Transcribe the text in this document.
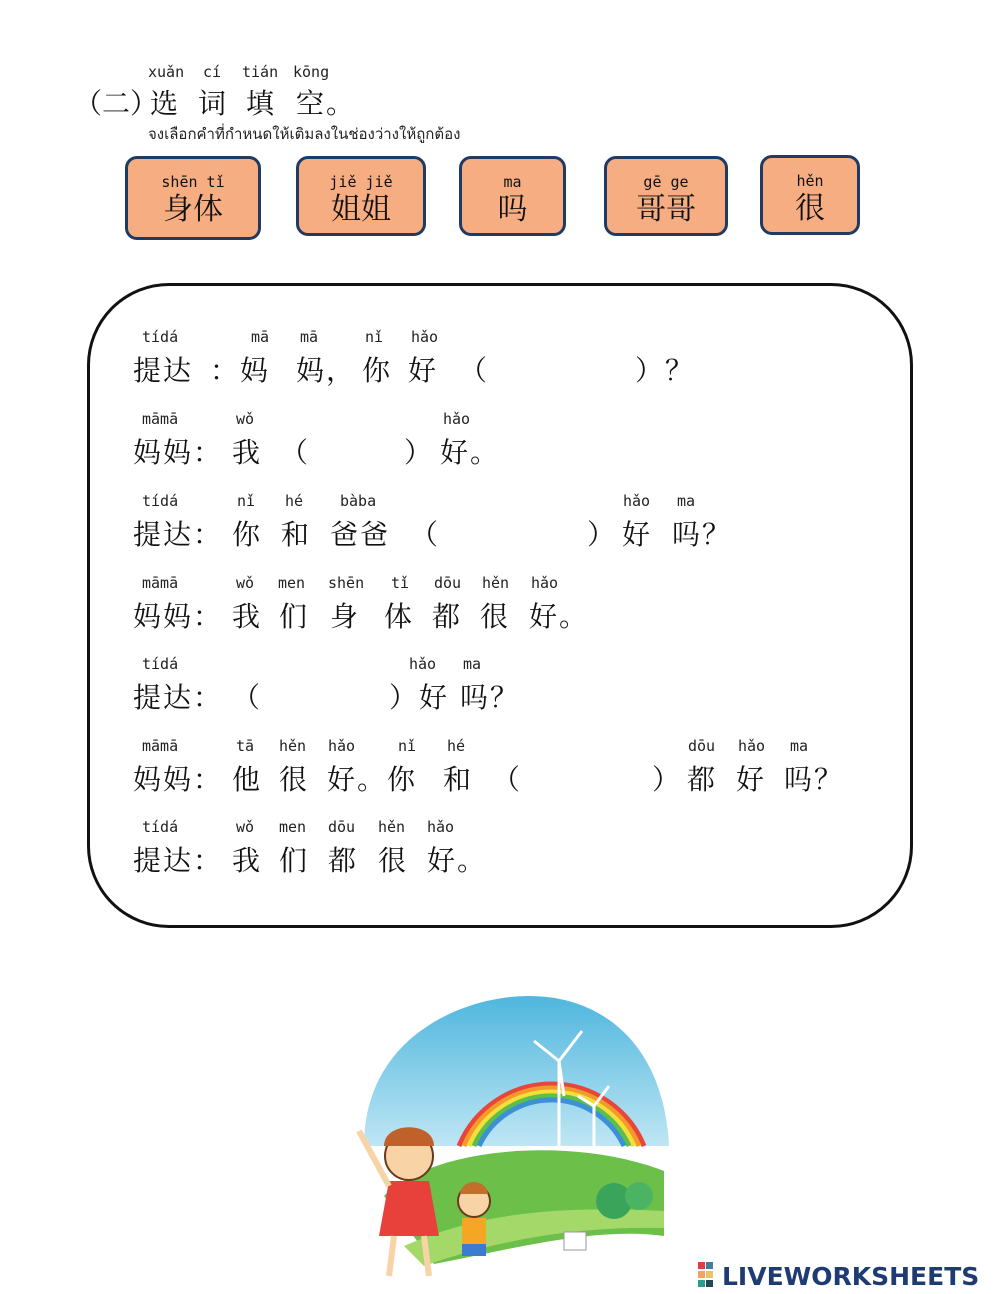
xuǎn cí tián kōng
（二）
选 词 填 空。
จงเลือกคำที่กำหนดให้เติมลงในช่องว่างให้ถูกต้อง
shēn tǐ
身体
jiě jiě
姐姐
ma
吗
gē ge
哥哥
hěn
很
tídá	mā mā	nǐ hǎo
提达 ：妈 妈， 你 好 （	）？
māmā	wǒ	hǎo
妈妈： 我 （	） 好。
tídá	nǐ hé bàba	hǎo ma
提达： 你 和 爸爸 （	） 好 吗？
māmā	wǒ men shēn tǐ dōu hěn hǎo
妈妈： 我 们 身 体 都 很 好。
tídá	hǎo ma
提达： （	）好 吗？
māmā	tā hěn hǎo	nǐ hé	dōu hǎo ma
妈妈： 他 很 好。你 和 （	） 都 好 吗？
tídá	wǒ men dōu hěn hǎo
提达： 我 们 都 很 好。
LIVEWORKSHEETS
